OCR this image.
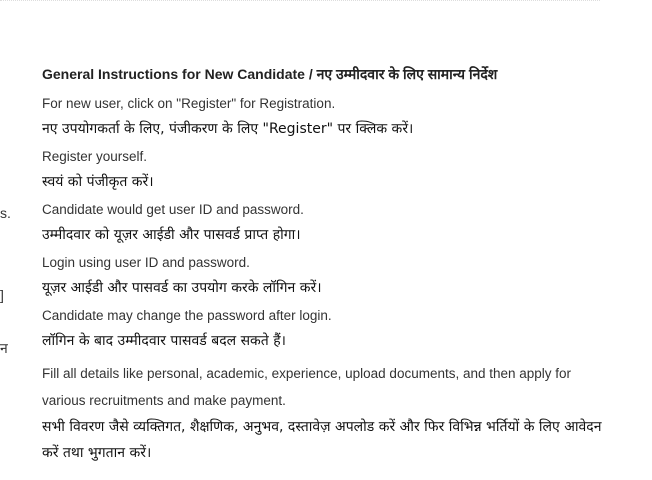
s.
]
न
General Instructions for New Candidate / नए उम्मीदवार के लिए सामान्य निर्देश
For new user, click on "Register" for Registration.
नए उपयोगकर्ता के लिए, पंजीकरण के लिए "Register" पर क्लिक करें।
Register yourself.
स्वयं को पंजीकृत करें।
Candidate would get user ID and password.
उम्मीदवार को यूज़र आईडी और पासवर्ड प्राप्त होगा।
Login using user ID and password.
यूज़र आईडी और पासवर्ड का उपयोग करके लॉगिन करें।
Candidate may change the password after login.
लॉगिन के बाद उम्मीदवार पासवर्ड बदल सकते हैं।
Fill all details like personal, academic, experience, upload documents, and then apply for various recruitments and make payment.
सभी विवरण जैसे व्यक्तिगत, शैक्षणिक, अनुभव, दस्तावेज़ अपलोड करें और फिर विभिन्न भर्तियों के लिए आवेदन करें तथा भुगतान करें।
